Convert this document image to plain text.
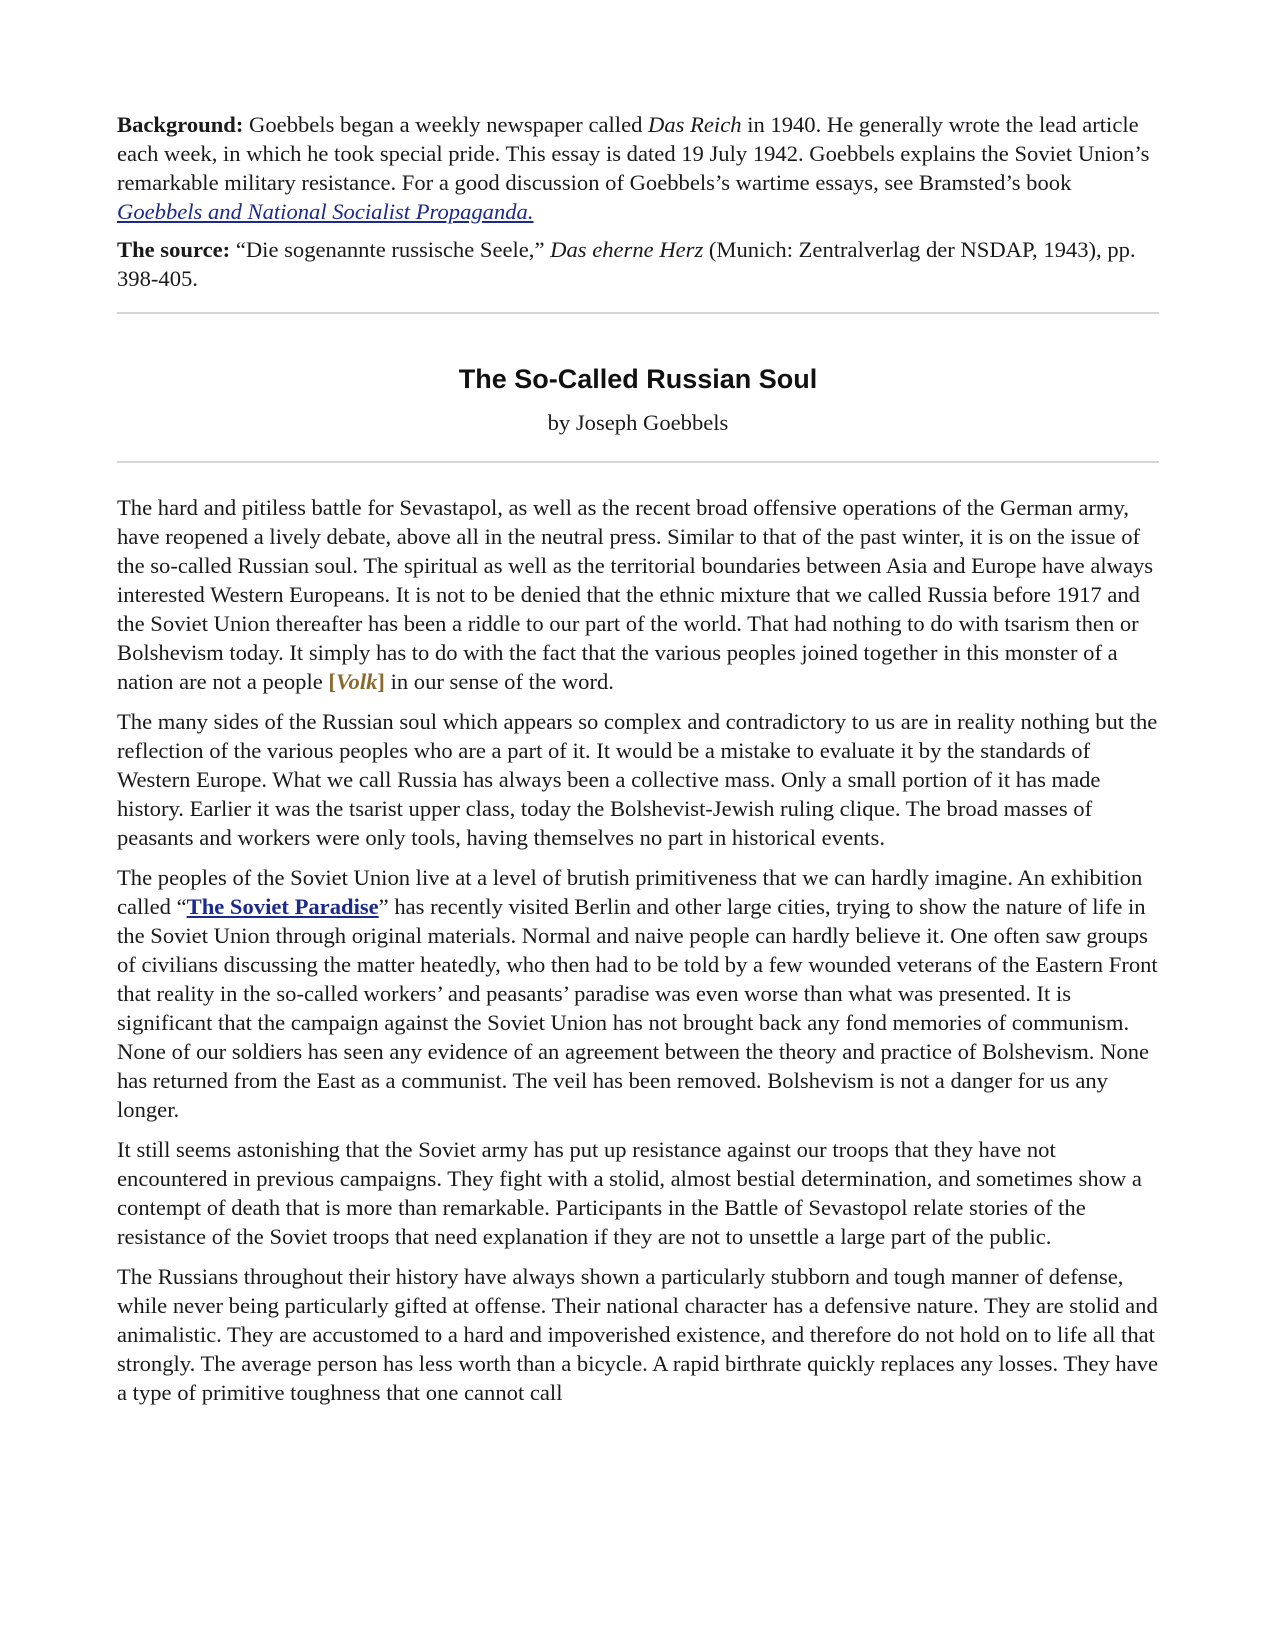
Background: Goebbels began a weekly newspaper called Das Reich in 1940. He generally wrote the lead article each week, in which he took special pride. This essay is dated 19 July 1942. Goebbels explains the Soviet Union’s remarkable military resistance. For a good discussion of Goebbels’s wartime essays, see Bramsted’s book Goebbels and National Socialist Propaganda.

The source: “Die sogenannte russische Seele,” Das eherne Herz (Munich: Zentralverlag der NSDAP, 1943), pp. 398-405.

The So-Called Russian Soul
by Joseph Goebbels

The hard and pitiless battle for Sevastapol, as well as the recent broad offensive operations of the German army, have reopened a lively debate, above all in the neutral press. Similar to that of the past winter, it is on the issue of the so-called Russian soul. The spiritual as well as the territorial boundaries between Asia and Europe have always interested Western Europeans. It is not to be denied that the ethnic mixture that we called Russia before 1917 and the Soviet Union thereafter has been a riddle to our part of the world. That had nothing to do with tsarism then or Bolshevism today. It simply has to do with the fact that the various peoples joined together in this monster of a nation are not a people [Volk] in our sense of the word.

The many sides of the Russian soul which appears so complex and contradictory to us are in reality nothing but the reflection of the various peoples who are a part of it. It would be a mistake to evaluate it by the standards of Western Europe. What we call Russia has always been a collective mass. Only a small portion of it has made history. Earlier it was the tsarist upper class, today the Bolshevist-Jewish ruling clique. The broad masses of peasants and workers were only tools, having themselves no part in historical events.

The peoples of the Soviet Union live at a level of brutish primitiveness that we can hardly imagine. An exhibition called “The Soviet Paradise” has recently visited Berlin and other large cities, trying to show the nature of life in the Soviet Union through original materials. Normal and naive people can hardly believe it. One often saw groups of civilians discussing the matter heatedly, who then had to be told by a few wounded veterans of the Eastern Front that reality in the so-called workers’ and peasants’ paradise was even worse than what was presented. It is significant that the campaign against the Soviet Union has not brought back any fond memories of communism. None of our soldiers has seen any evidence of an agreement between the theory and practice of Bolshevism. None has returned from the East as a communist. The veil has been removed. Bolshevism is not a danger for us any longer.

It still seems astonishing that the Soviet army has put up resistance against our troops that they have not encountered in previous campaigns. They fight with a stolid, almost bestial determination, and sometimes show a contempt of death that is more than remarkable. Participants in the Battle of Sevastopol relate stories of the resistance of the Soviet troops that need explanation if they are not to unsettle a large part of the public.

The Russians throughout their history have always shown a particularly stubborn and tough manner of defense, while never being particularly gifted at offense. Their national character has a defensive nature. They are stolid and animalistic. They are accustomed to a hard and impoverished existence, and therefore do not hold on to life all that strongly. The average person has less worth than a bicycle. A rapid birthrate quickly replaces any losses. They have a type of primitive toughness that one cannot call
